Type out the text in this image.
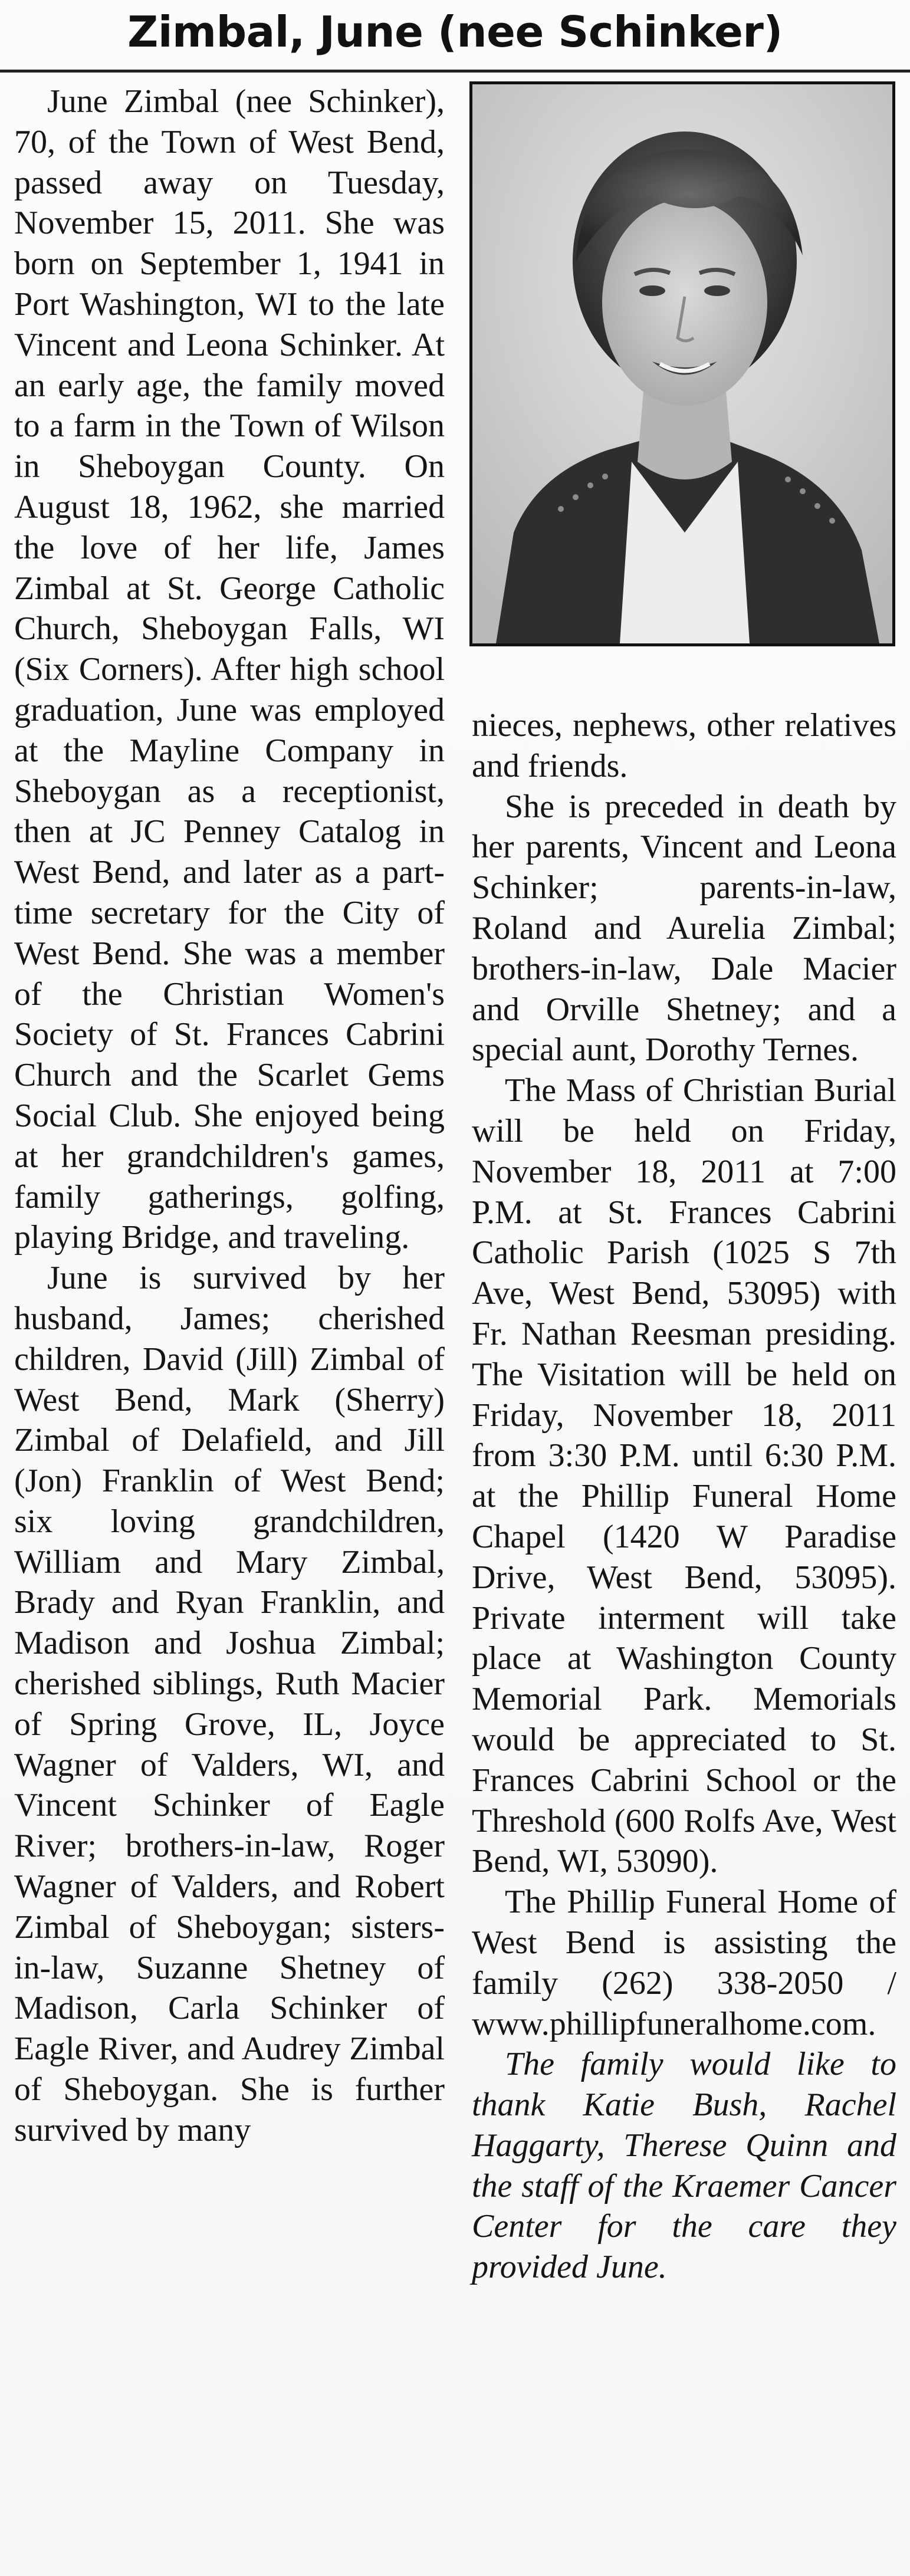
Zimbal, June (nee Schinker)

June Zimbal (nee Schinker), 70, of the Town of West Bend, passed away on Tuesday, November 15, 2011. She was born on September 1, 1941 in Port Washington, WI to the late Vincent and Leona Schinker. At an early age, the family moved to a farm in the Town of Wilson in Sheboygan County. On August 18, 1962, she married the love of her life, James Zimbal at St. George Catholic Church, Sheboygan Falls, WI (Six Corners). After high school graduation, June was employed at the Mayline Company in Sheboygan as a receptionist, then at JC Penney Catalog in West Bend, and later as a part-time secretary for the City of West Bend. She was a member of the Christian Women's Society of St. Frances Cabrini Church and the Scarlet Gems Social Club. She enjoyed being at her grandchildren's games, family gatherings, golfing, playing Bridge, and traveling.

June is survived by her husband, James; cherished children, David (Jill) Zimbal of West Bend, Mark (Sherry) Zimbal of Delafield, and Jill (Jon) Franklin of West Bend; six loving grandchildren, William and Mary Zimbal, Brady and Ryan Franklin, and Madison and Joshua Zimbal; cherished siblings, Ruth Macier of Spring Grove, IL, Joyce Wagner of Valders, WI, and Vincent Schinker of Eagle River; brothers-in-law, Roger Wagner of Valders, and Robert Zimbal of Sheboygan; sisters-in-law, Suzanne Shetney of Madison, Carla Schinker of Eagle River, and Audrey Zimbal of Sheboygan. She is further survived by many

nieces, nephews, other relatives and friends.

She is preceded in death by her parents, Vincent and Leona Schinker; parents-in-law, Roland and Aurelia Zimbal; brothers-in-law, Dale Macier and Orville Shetney; and a special aunt, Dorothy Ternes.

The Mass of Christian Burial will be held on Friday, November 18, 2011 at 7:00 P.M. at St. Frances Cabrini Catholic Parish (1025 S 7th Ave, West Bend, 53095) with Fr. Nathan Reesman presiding. The Visitation will be held on Friday, November 18, 2011 from 3:30 P.M. until 6:30 P.M. at the Phillip Funeral Home Chapel (1420 W Paradise Drive, West Bend, 53095). Private interment will take place at Washington County Memorial Park. Memorials would be appreciated to St. Frances Cabrini School or the Threshold (600 Rolfs Ave, West Bend, WI, 53090).

The Phillip Funeral Home of West Bend is assisting the family (262) 338-2050 / www.phillipfuneralhome.com.

The family would like to thank Katie Bush, Rachel Haggarty, Therese Quinn and the staff of the Kraemer Cancer Center for the care they provided June.
